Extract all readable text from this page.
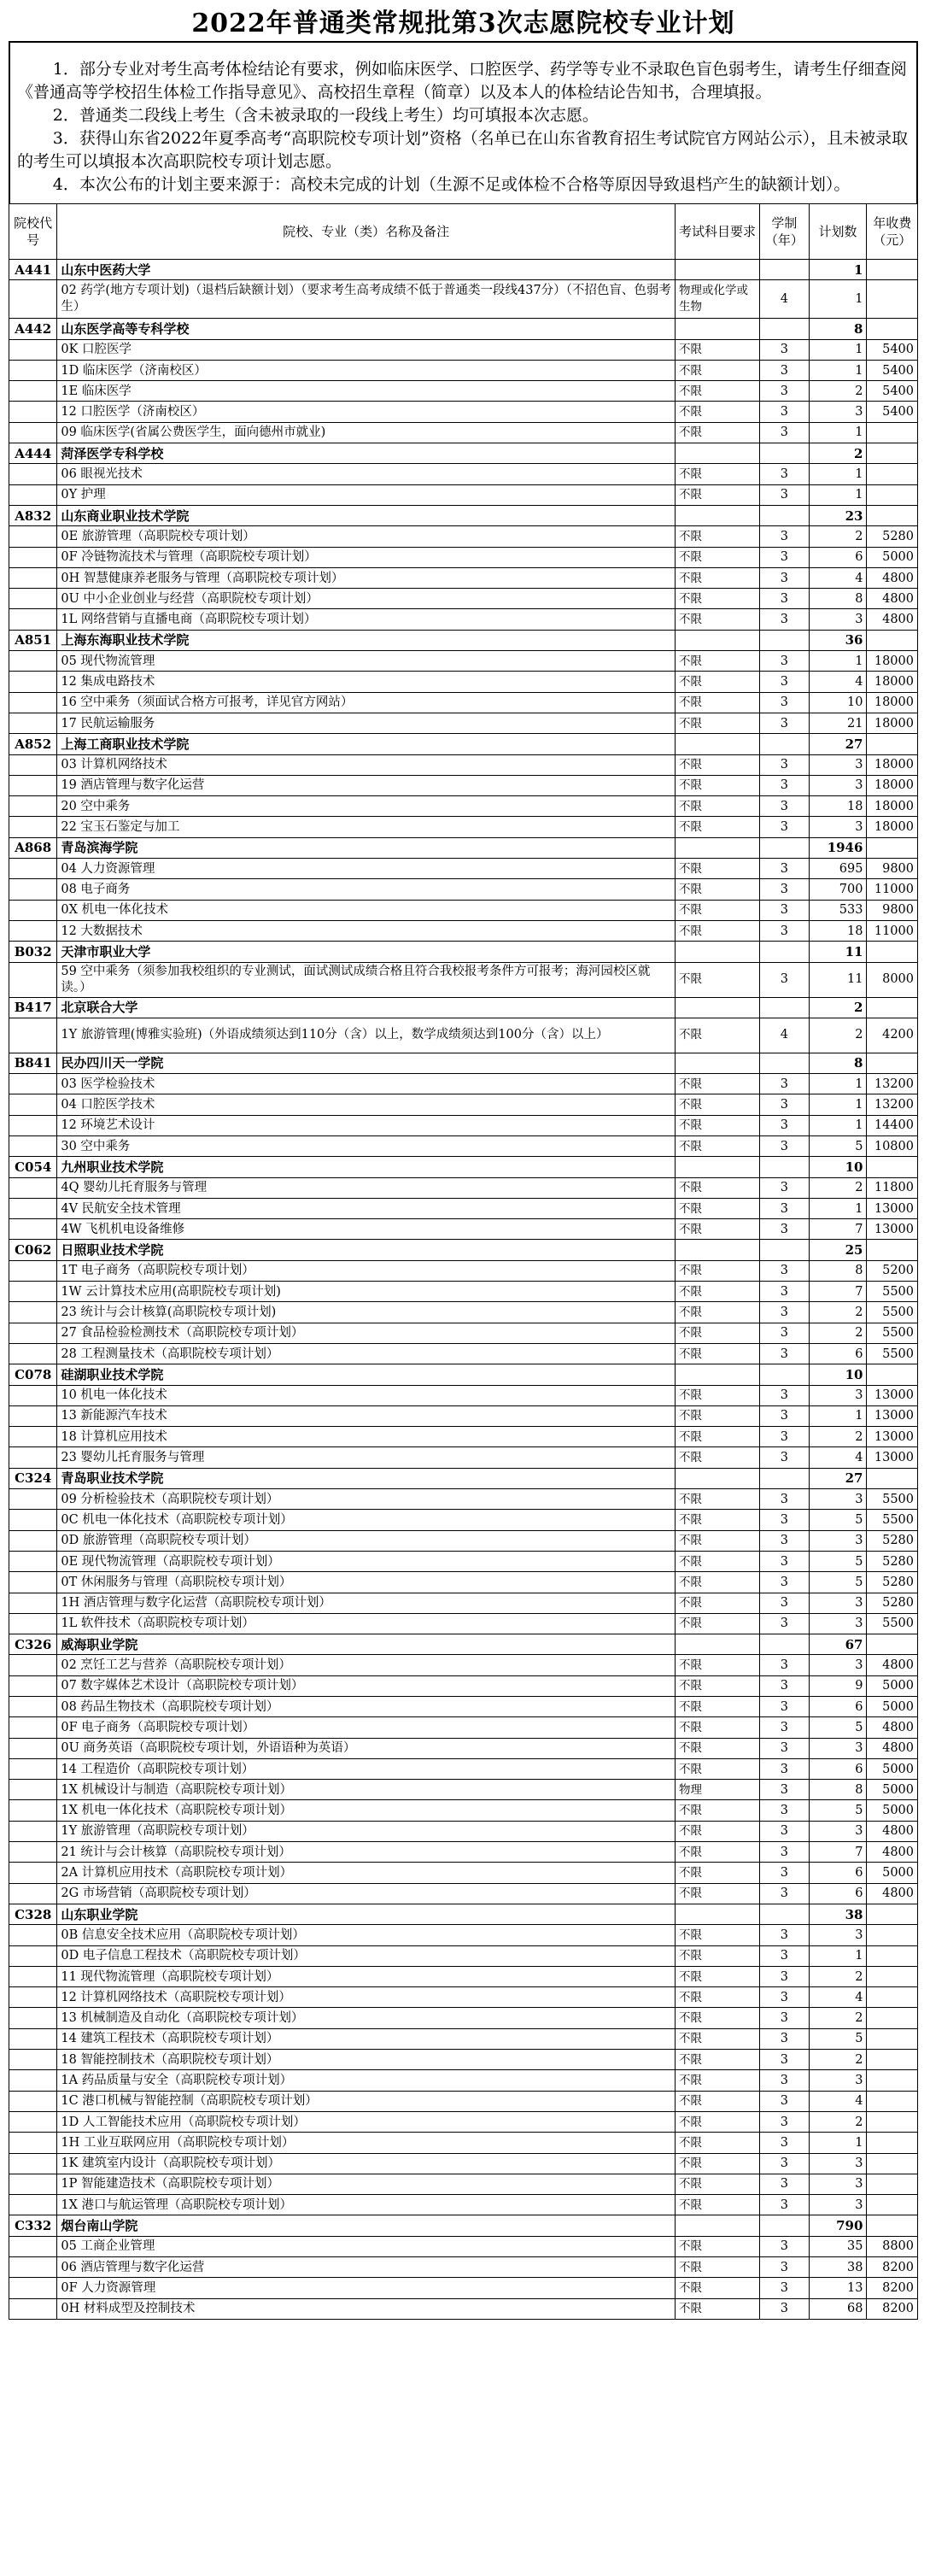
2022年普通类常规批第3次志愿院校专业计划

1．部分专业对考生高考体检结论有要求，例如临床医学、口腔医学、药学等专业不录取色盲色弱考生，请考生仔细查阅《普通高等学校招生体检工作指导意见》、高校招生章程（简章）以及本人的体检结论告知书，合理填报。

2．普通类二段线上考生（含未被录取的一段线上考生）均可填报本次志愿。

3．获得山东省2022年夏季高考“高职院校专项计划”资格（名单已在山东省教育招生考试院官方网站公示），且未被录取的考生可以填报本次高职院校专项计划志愿。

4．本次公布的计划主要来源于：高校未完成的计划（生源不足或体检不合格等原因导致退档产生的缺额计划）。

院校代号	院校、专业（类）名称及备注	考试科目要求	学制（年）	计划数	年收费（元）
A441	山东中医药大学			1	
	02 药学(地方专项计划)（退档后缺额计划）（要求考生高考成绩不低于普通类一段线437分）（不招色盲、色弱考生）	物理或化学或生物	4	1	
A442	山东医学高等专科学校			8	
	0K 口腔医学	不限	3	1	5400
	1D 临床医学（济南校区）	不限	3	1	5400
	1E 临床医学	不限	3	2	5400
	12 口腔医学（济南校区）	不限	3	3	5400
	09 临床医学(省属公费医学生，面向德州市就业)	不限	3	1	
A444	菏泽医学专科学校			2	
	06 眼视光技术	不限	3	1	
	0Y 护理	不限	3	1	
A832	山东商业职业技术学院			23	
	0E 旅游管理（高职院校专项计划）	不限	3	2	5280
	0F 冷链物流技术与管理（高职院校专项计划）	不限	3	6	5000
	0H 智慧健康养老服务与管理（高职院校专项计划）	不限	3	4	4800
	0U 中小企业创业与经营（高职院校专项计划）	不限	3	8	4800
	1L 网络营销与直播电商（高职院校专项计划）	不限	3	3	4800
A851	上海东海职业技术学院			36	
	05 现代物流管理	不限	3	1	18000
	12 集成电路技术	不限	3	4	18000
	16 空中乘务（须面试合格方可报考，详见官方网站）	不限	3	10	18000
	17 民航运输服务	不限	3	21	18000
A852	上海工商职业技术学院			27	
	03 计算机网络技术	不限	3	3	18000
	19 酒店管理与数字化运营	不限	3	3	18000
	20 空中乘务	不限	3	18	18000
	22 宝玉石鉴定与加工	不限	3	3	18000
A868	青岛滨海学院			1946	
	04 人力资源管理	不限	3	695	9800
	08 电子商务	不限	3	700	11000
	0X 机电一体化技术	不限	3	533	9800
	12 大数据技术	不限	3	18	11000
B032	天津市职业大学			11	
	59 空中乘务（须参加我校组织的专业测试，面试测试成绩合格且符合我校报考条件方可报考；海河园校区就读。）	不限	3	11	8000
B417	北京联合大学			2	
	1Y 旅游管理(博雅实验班)（外语成绩须达到110分（含）以上，数学成绩须达到100分（含）以上）	不限	4	2	4200
B841	民办四川天一学院			8	
	03 医学检验技术	不限	3	1	13200
	04 口腔医学技术	不限	3	1	13200
	12 环境艺术设计	不限	3	1	14400
	30 空中乘务	不限	3	5	10800
C054	九州职业技术学院			10	
	4Q 婴幼儿托育服务与管理	不限	3	2	11800
	4V 民航安全技术管理	不限	3	1	13000
	4W 飞机机电设备维修	不限	3	7	13000
C062	日照职业技术学院			25	
	1T 电子商务（高职院校专项计划）	不限	3	8	5200
	1W 云计算技术应用(高职院校专项计划)	不限	3	7	5500
	23 统计与会计核算(高职院校专项计划)	不限	3	2	5500
	27 食品检验检测技术（高职院校专项计划）	不限	3	2	5500
	28 工程测量技术（高职院校专项计划）	不限	3	6	5500
C078	硅湖职业技术学院			10	
	10 机电一体化技术	不限	3	3	13000
	13 新能源汽车技术	不限	3	1	13000
	18 计算机应用技术	不限	3	2	13000
	23 婴幼儿托育服务与管理	不限	3	4	13000
C324	青岛职业技术学院			27	
	09 分析检验技术（高职院校专项计划）	不限	3	3	5500
	0C 机电一体化技术（高职院校专项计划）	不限	3	5	5500
	0D 旅游管理（高职院校专项计划）	不限	3	3	5280
	0E 现代物流管理（高职院校专项计划）	不限	3	5	5280
	0T 休闲服务与管理（高职院校专项计划）	不限	3	5	5280
	1H 酒店管理与数字化运营（高职院校专项计划）	不限	3	3	5280
	1L 软件技术（高职院校专项计划）	不限	3	3	5500
C326	威海职业学院			67	
	02 烹饪工艺与营养（高职院校专项计划）	不限	3	3	4800
	07 数字媒体艺术设计（高职院校专项计划）	不限	3	9	5000
	08 药品生物技术（高职院校专项计划）	不限	3	6	5000
	0F 电子商务（高职院校专项计划）	不限	3	5	4800
	0U 商务英语（高职院校专项计划，外语语种为英语）	不限	3	3	4800
	14 工程造价（高职院校专项计划）	不限	3	6	5000
	1X 机械设计与制造（高职院校专项计划）	物理	3	8	5000
	1X 机电一体化技术（高职院校专项计划）	不限	3	5	5000
	1Y 旅游管理（高职院校专项计划）	不限	3	3	4800
	21 统计与会计核算（高职院校专项计划）	不限	3	7	4800
	2A 计算机应用技术（高职院校专项计划）	不限	3	6	5000
	2G 市场营销（高职院校专项计划）	不限	3	6	4800
C328	山东职业学院			38	
	0B 信息安全技术应用（高职院校专项计划）	不限	3	3	
	0D 电子信息工程技术（高职院校专项计划）	不限	3	1	
	11 现代物流管理（高职院校专项计划）	不限	3	2	
	12 计算机网络技术（高职院校专项计划）	不限	3	4	
	13 机械制造及自动化（高职院校专项计划）	不限	3	2	
	14 建筑工程技术（高职院校专项计划）	不限	3	5	
	18 智能控制技术（高职院校专项计划）	不限	3	2	
	1A 药品质量与安全（高职院校专项计划）	不限	3	3	
	1C 港口机械与智能控制（高职院校专项计划）	不限	3	4	
	1D 人工智能技术应用（高职院校专项计划）	不限	3	2	
	1H 工业互联网应用（高职院校专项计划）	不限	3	1	
	1K 建筑室内设计（高职院校专项计划）	不限	3	3	
	1P 智能建造技术（高职院校专项计划）	不限	3	3	
	1X 港口与航运管理（高职院校专项计划）	不限	3	3	
C332	烟台南山学院			790	
	05 工商企业管理	不限	3	35	8800
	06 酒店管理与数字化运营	不限	3	38	8200
	0F 人力资源管理	不限	3	13	8200
	0H 材料成型及控制技术	不限	3	68	8200
